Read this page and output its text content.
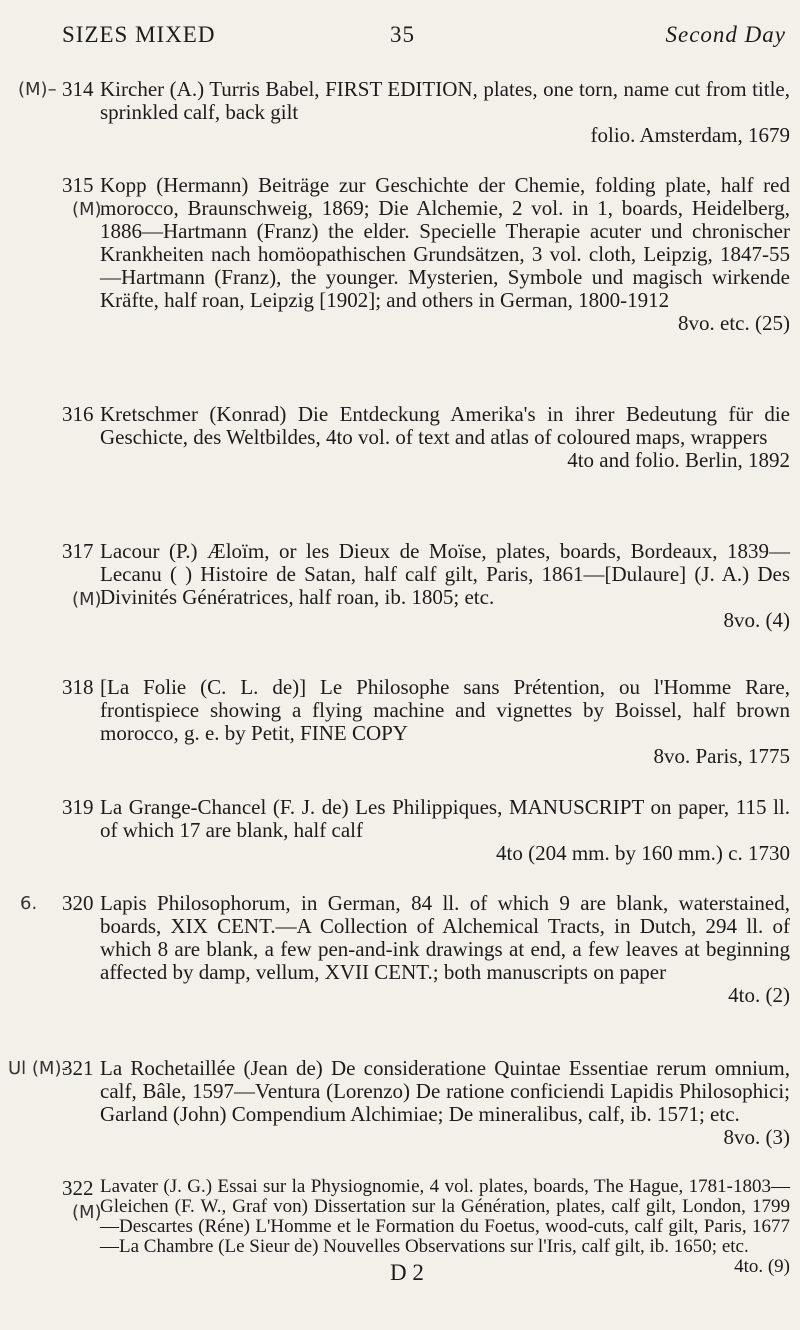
SIZES MIXED	35	Second Day
(M)– 314 Kircher (A.) Turris Babel, FIRST EDITION, plates, one torn, name cut from title, sprinkled calf, back gilt
folio. Amsterdam, 1679
(M)
315 Kopp (Hermann) Beiträge zur Geschichte der Chemie, folding plate, half red morocco, Braunschweig, 1869; Die Alchemie, 2 vol. in 1, boards, Heidelberg, 1886—Hartmann (Franz) the elder. Specielle Therapie acuter und chronischer Krankheiten nach homöopathischen Grundsätzen, 3 vol. cloth, Leipzig, 1847-55—Hartmann (Franz), the younger. Mysterien, Symbole und magisch wirkende Kräfte, half roan, Leipzig [1902]; and others in German, 1800-1912
8vo. etc. (25)
316 Kretschmer (Konrad) Die Entdeckung Amerika's in ihrer Bedeutung für die Geschicte, des Weltbildes, 4to vol. of text and atlas of coloured maps, wrappers
4to and folio. Berlin, 1892
(M)
317 Lacour (P.) Æloïm, or les Dieux de Moïse, plates, boards, Bordeaux, 1839—Lecanu ( ) Histoire de Satan, half calf gilt, Paris, 1861—[Dulaure] (J. A.) Des Divinités Génératrices, half roan, ib. 1805; etc.
8vo. (4)
318 [La Folie (C. L. de)] Le Philosophe sans Prétention, ou l'Homme Rare, frontispiece showing a flying machine and vignettes by Boissel, half brown morocco, g. e. by Petit, FINE COPY
8vo. Paris, 1775
319 La Grange-Chancel (F. J. de) Les Philippiques, MANUSCRIPT on paper, 115 ll. of which 17 are blank, half calf
4to (204 mm. by 160 mm.) c. 1730
6. 320 Lapis Philosophorum, in German, 84 ll. of which 9 are blank, waterstained, boards, XIX CENT.—A Collection of Alchemical Tracts, in Dutch, 294 ll. of which 8 are blank, a few pen-and-ink drawings at end, a few leaves at beginning affected by damp, vellum, XVII CENT.; both manuscripts on paper
4to. (2)
Ul (M)-
321 La Rochetaillée (Jean de) De consideratione Quintae Essentiae rerum omnium, calf, Bâle, 1597—Ventura (Lorenzo) De ratione conficiendi Lapidis Philosophici; Garland (John) Compendium Alchimiae; De mineralibus, calf, ib. 1571; etc.
8vo. (3)
(M)
322 Lavater (J. G.) Essai sur la Physiognomie, 4 vol. plates, boards, The Hague, 1781-1803—Gleichen (F. W., Graf von) Dissertation sur la Génération, plates, calf gilt, London, 1799—Descartes (Réne) L'Homme et le Formation du Foetus, wood-cuts, calf gilt, Paris, 1677—La Chambre (Le Sieur de) Nouvelles Observations sur l'Iris, calf gilt, ib. 1650; etc.
4to. (9)
D 2
